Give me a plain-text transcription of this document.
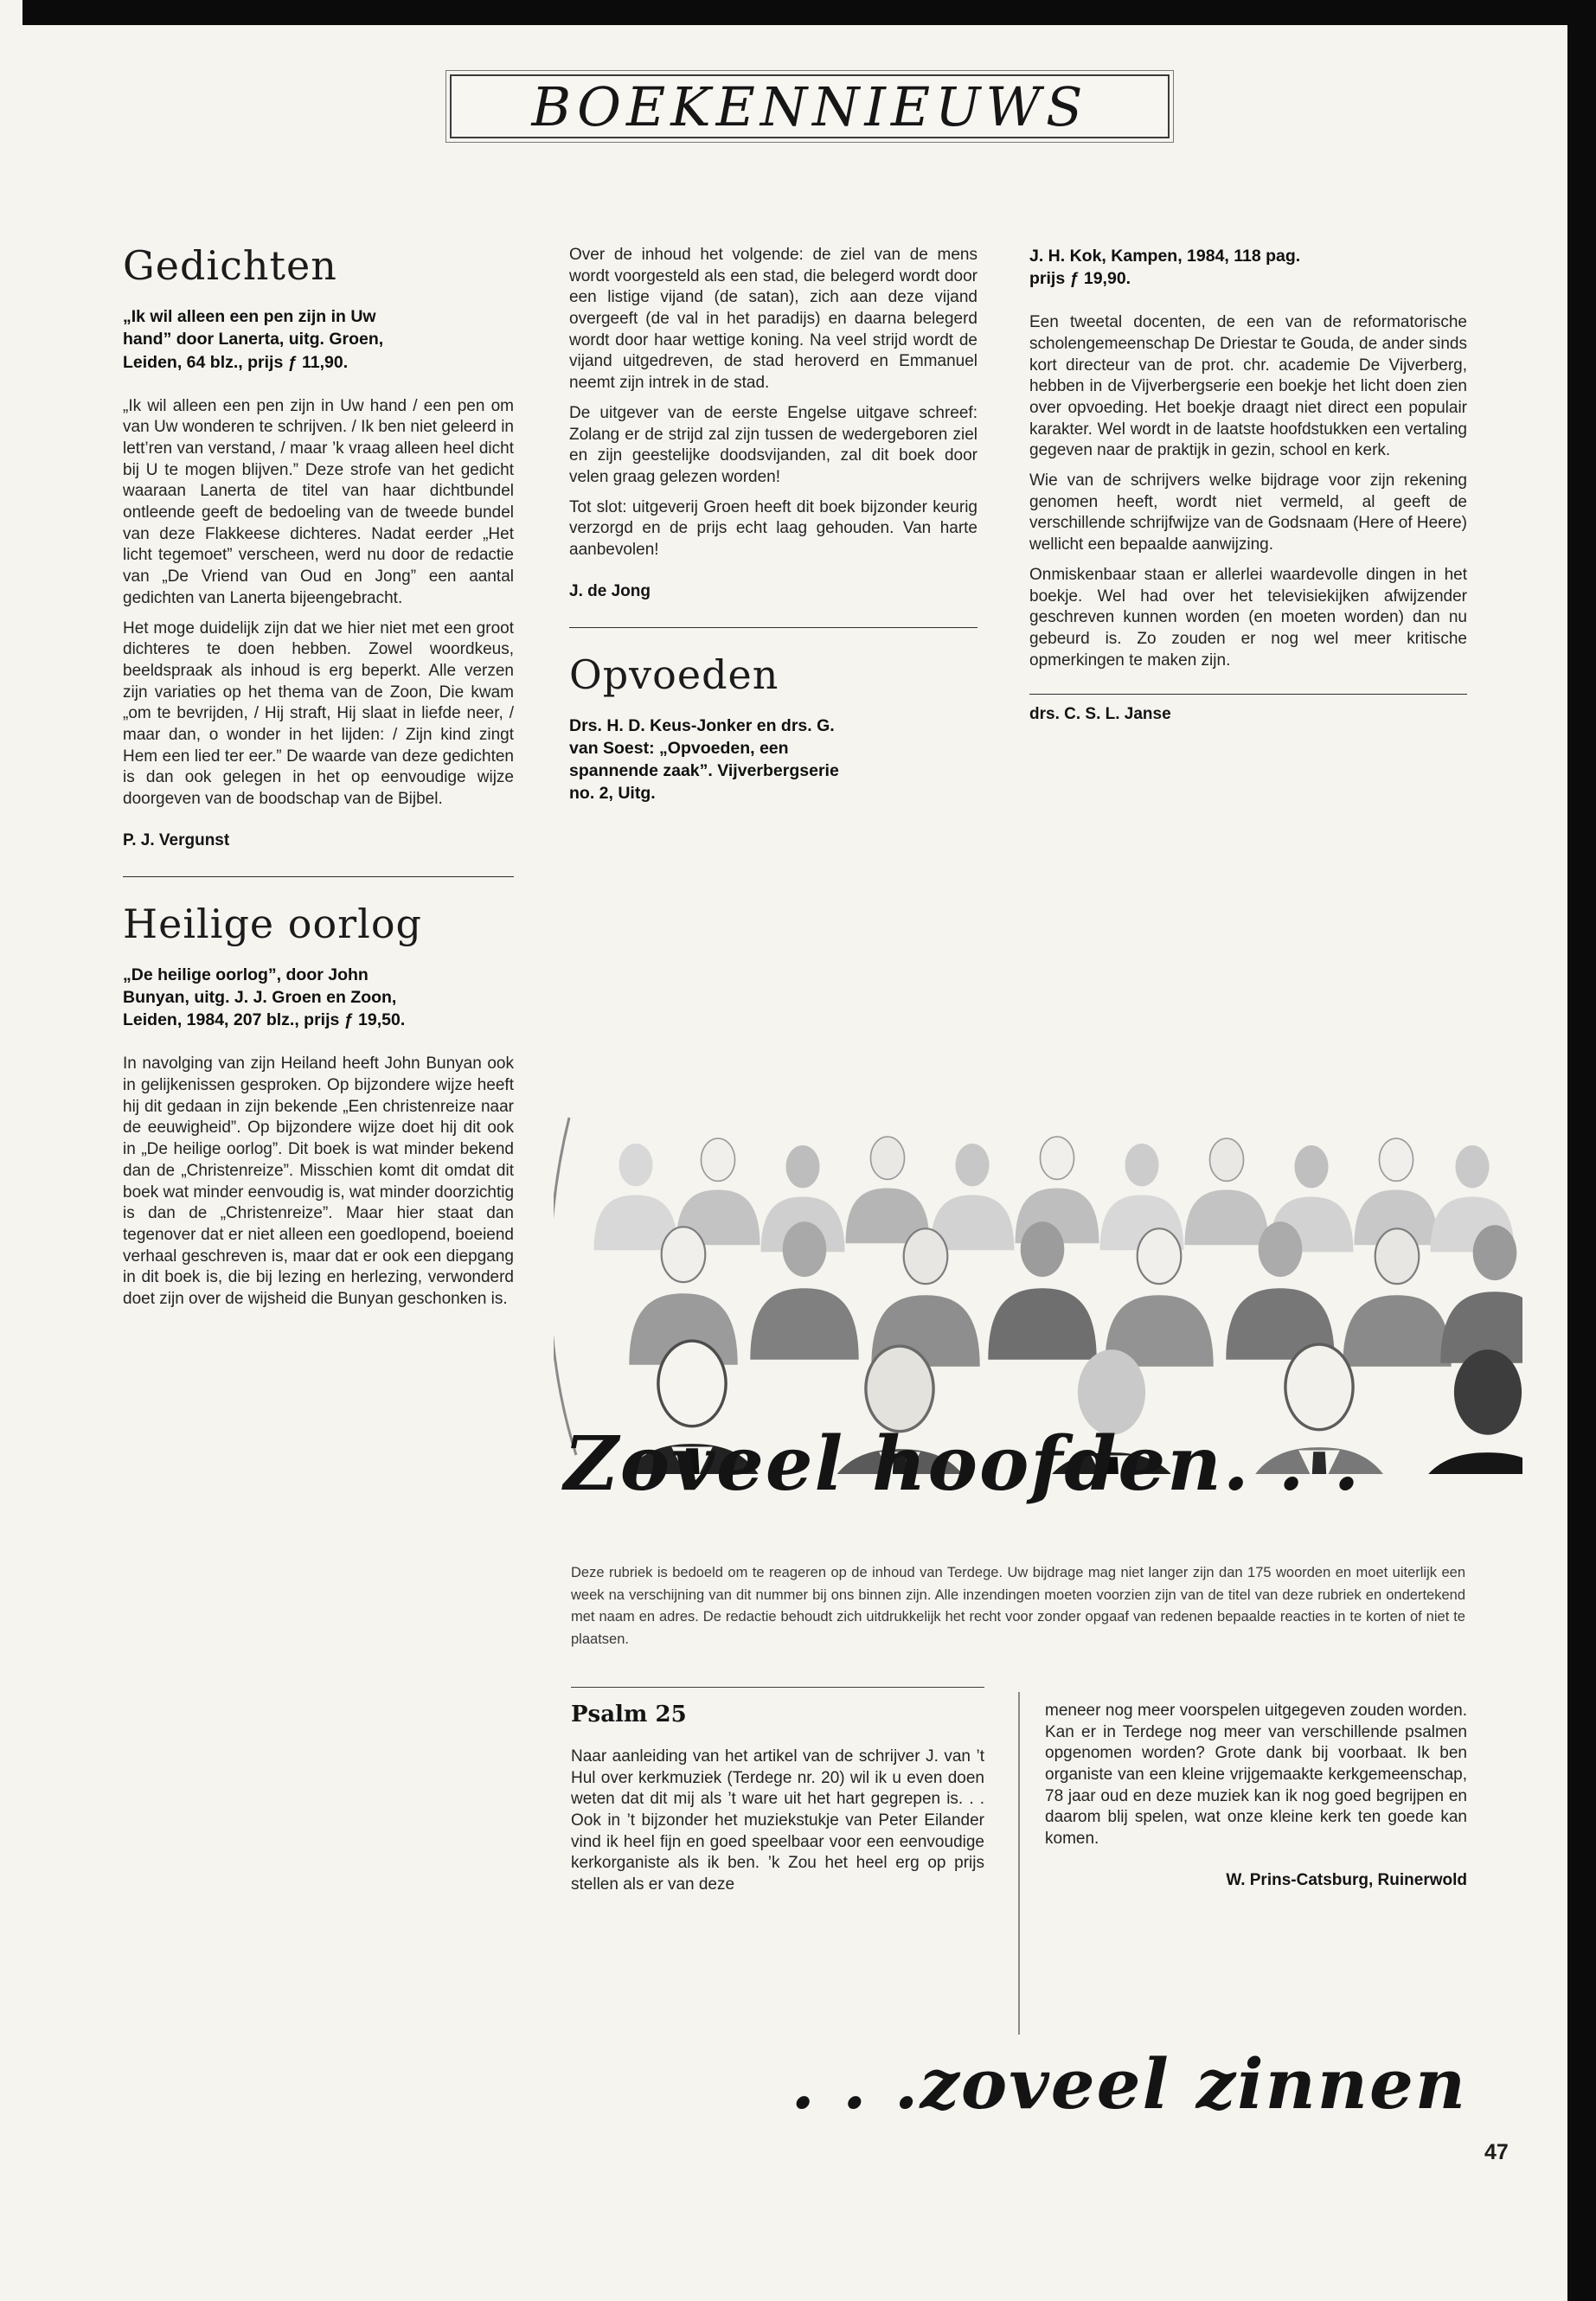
BOEKENNIEUWS
Gedichten

„Ik wil alleen een pen zijn in Uw hand” door Lanerta, uitg. Groen, Leiden, 64 blz., prijs ƒ 11,90.

„Ik wil alleen een pen zijn in Uw hand / een pen om van Uw wonderen te schrijven. / Ik ben niet geleerd in lett’ren van verstand, / maar ’k vraag alleen heel dicht bij U te mogen blijven.” Deze strofe van het gedicht waaraan Lanerta de titel van haar dichtbundel ontleende geeft de bedoeling van de tweede bundel van deze Flakkeese dichteres. Nadat eerder „Het licht tegemoet” verscheen, werd nu door de redactie van „De Vriend van Oud en Jong” een aantal gedichten van Lanerta bijeengebracht.

Het moge duidelijk zijn dat we hier niet met een groot dichteres te doen hebben. Zowel woordkeus, beeldspraak als inhoud is erg beperkt. Alle verzen zijn variaties op het thema van de Zoon, Die kwam „om te bevrijden, / Hij straft, Hij slaat in liefde neer, / maar dan, o wonder in het lijden: / Zijn kind zingt Hem een lied ter eer.” De waarde van deze gedichten is dan ook gelegen in het op eenvoudige wijze doorgeven van de boodschap van de Bijbel.

P. J. Vergunst

Heilige oorlog

„De heilige oorlog”, door John Bunyan, uitg. J. J. Groen en Zoon, Leiden, 1984, 207 blz., prijs ƒ 19,50.

In navolging van zijn Heiland heeft John Bunyan ook in gelijkenissen gesproken. Op bijzondere wijze heeft hij dit gedaan in zijn bekende „Een christenreize naar de eeuwigheid”. Op bijzondere wijze doet hij dit ook in „De heilige oorlog”. Dit boek is wat minder bekend dan de „Christenreize”. Misschien komt dit omdat dit boek wat minder eenvoudig is, wat minder doorzichtig is dan de „Christenreize”. Maar hier staat dan tegenover dat er niet alleen een goedlopend, boeiend verhaal geschreven is, maar dat er ook een diepgang in dit boek is, die bij lezing en herlezing, verwonderd doet zijn over de wijsheid die Bunyan geschonken is.

Over de inhoud het volgende: de ziel van de mens wordt voorgesteld als een stad, die belegerd wordt door een listige vijand (de satan), zich aan deze vijand overgeeft (de val in het paradijs) en daarna belegerd wordt door haar wettige koning. Na veel strijd wordt de vijand uitgedreven, de stad heroverd en Emmanuel neemt zijn intrek in de stad.

De uitgever van de eerste Engelse uitgave schreef: Zolang er de strijd zal zijn tussen de wedergeboren ziel en zijn geestelijke doodsvijanden, zal dit boek door velen graag gelezen worden!

Tot slot: uitgeverij Groen heeft dit boek bijzonder keurig verzorgd en de prijs echt laag gehouden. Van harte aanbevolen!

J. de Jong

Opvoeden

Drs. H. D. Keus-Jonker en drs. G. van Soest: „Opvoeden, een spannende zaak”. Vijverbergserie no. 2, Uitg.

J. H. Kok, Kampen, 1984, 118 pag. prijs ƒ 19,90.

Een tweetal docenten, de een van de reformatorische scholengemeenschap De Driestar te Gouda, de ander sinds kort directeur van de prot. chr. academie De Vijverberg, hebben in de Vijverbergserie een boekje het licht doen zien over opvoeding. Het boekje draagt niet direct een populair karakter. Wel wordt in de laatste hoofdstukken een vertaling gegeven naar de praktijk in gezin, school en kerk.

Wie van de schrijvers welke bijdrage voor zijn rekening genomen heeft, wordt niet vermeld, al geeft de verschillende schrijfwijze van de Godsnaam (Here of Heere) wellicht een bepaalde aanwijzing.

Onmiskenbaar staan er allerlei waardevolle dingen in het boekje. Wel had over het televisiekijken afwijzender geschreven kunnen worden (en moeten worden) dan nu gebeurd is. Zo zouden er nog wel meer kritische opmerkingen te maken zijn.

drs. C. S. L. Janse

Zoveel hoofden. . .

Deze rubriek is bedoeld om te reageren op de inhoud van Terdege. Uw bijdrage mag niet langer zijn dan 175 woorden en moet uiterlijk een week na verschijning van dit nummer bij ons binnen zijn. Alle inzendingen moeten voorzien zijn van de titel van deze rubriek en ondertekend met naam en adres. De redactie behoudt zich uitdrukkelijk het recht voor zonder opgaaf van redenen bepaalde reacties in te korten of niet te plaatsen.

Psalm 25

Naar aanleiding van het artikel van de schrijver J. van ’t Hul over kerkmuziek (Terdege nr. 20) wil ik u even doen weten dat dit mij als ’t ware uit het hart gegrepen is. . . Ook in ’t bijzonder het muziekstukje van Peter Eilander vind ik heel fijn en goed speelbaar voor een eenvoudige kerkorganiste als ik ben. ’k Zou het heel erg op prijs stellen als er van deze

meneer nog meer voorspelen uitgegeven zouden worden. Kan er in Terdege nog meer van verschillende psalmen opgenomen worden? Grote dank bij voorbaat. Ik ben organiste van een kleine vrijgemaakte kerkgemeenschap, 78 jaar oud en deze muziek kan ik nog goed begrijpen en daarom blij spelen, wat onze kleine kerk ten goede kan komen.

W. Prins-Catsburg, Ruinerwold

. . .zoveel zinnen
47
